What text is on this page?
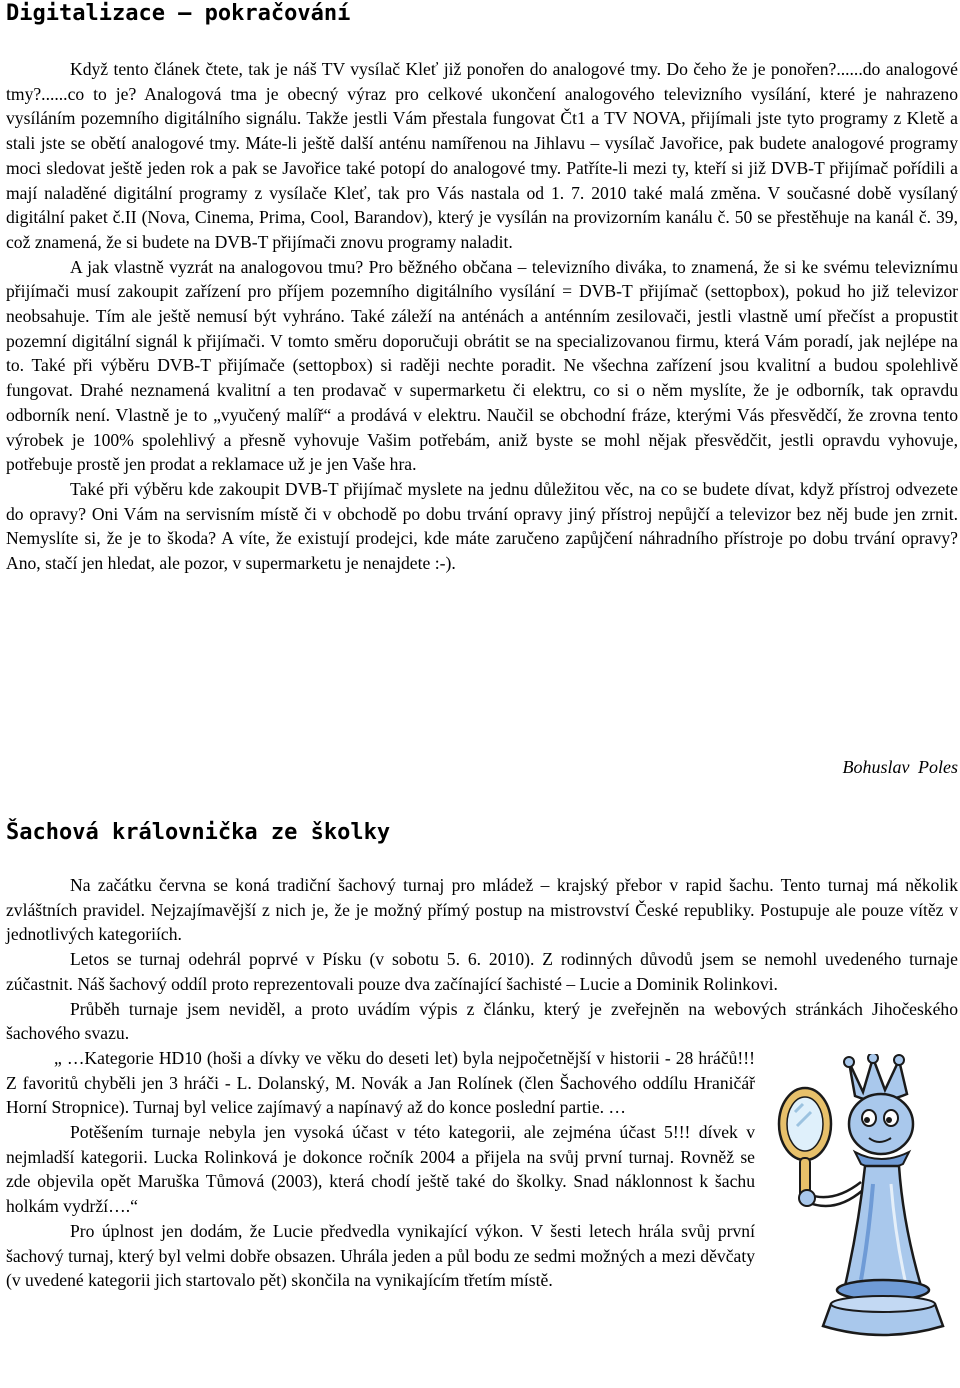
Digitalizace – pokračování

Když tento článek čtete, tak je náš TV vysílač Kleť již ponořen do analogové tmy. Do čeho že je ponořen?......do analogové tmy?......co to je? Analogová tma je obecný výraz pro celkové ukončení analogového televizního vysílání, které je nahrazeno vysíláním pozemního digitálního signálu. Takže jestli Vám přestala fungovat Čt1 a TV NOVA, přijímali jste tyto programy z Kletě a stali jste se obětí analogové tmy. Máte-li ještě další anténu namířenou na Jihlavu – vysílač Javořice, pak budete analogové programy moci sledovat ještě jeden rok a pak se Javořice také potopí do analogové tmy. Patříte-li mezi ty, kteří si již DVB-T přijímač pořídili a mají naladěné digitální programy z vysílače Kleť, tak pro Vás nastala od 1. 7. 2010 také malá změna. V současné době vysílaný digitální paket č.II (Nova, Cinema, Prima, Cool, Barandov), který je vysílán na provizorním kanálu č. 50 se přestěhuje na kanál č. 39, což znamená, že si budete na DVB-T přijímači znovu programy naladit.

A jak vlastně vyzrát na analogovou tmu? Pro běžného občana – televizního diváka, to znamená, že si ke svému televiznímu přijímači musí zakoupit zařízení pro příjem pozemního digitálního vysílání = DVB-T přijímač (settopbox), pokud ho již televizor neobsahuje. Tím ale ještě nemusí být vyhráno. Také záleží na anténách a anténním zesilovači, jestli vlastně umí přečíst a propustit pozemní digitální signál k přijímači. V tomto směru doporučuji obrátit se na specializovanou firmu, která Vám poradí, jak nejlépe na to. Také při výběru DVB-T přijímače (settopbox) si raději nechte poradit. Ne všechna zařízení jsou kvalitní a budou spolehlivě fungovat. Drahé neznamená kvalitní a ten prodavač v supermarketu či elektru, co si o něm myslíte, že je odborník, tak opravdu odborník není. Vlastně je to „vyučený malíř“ a prodává v elektru. Naučil se obchodní fráze, kterými Vás přesvědčí, že zrovna tento výrobek je 100% spolehlivý a přesně vyhovuje Vašim potřebám, aniž byste se mohl nějak přesvědčit, jestli opravdu vyhovuje, potřebuje prostě jen prodat a reklamace už je jen Vaše hra.

Také při výběru kde zakoupit DVB-T přijímač myslete na jednu důležitou věc, na co se budete dívat, když přístroj odvezete do opravy? Oni Vám na servisním místě či v obchodě po dobu trvání opravy jiný přístroj nepůjčí a televizor bez něj bude jen zrnit. Nemyslíte si, že je to škoda? A víte, že existují prodejci, kde máte zaručeno zapůjčení náhradního přístroje po dobu trvání opravy? Ano, stačí jen hledat, ale pozor, v supermarketu je nenajdete :-).

Bohuslav Poles
Šachová královnička ze školky

Na začátku června se koná tradiční šachový turnaj pro mládež – krajský přebor v rapid šachu. Tento turnaj má několik zvláštních pravidel. Nejzajímavější z nich je, že je možný přímý postup na mistrovství České republiky. Postupuje ale pouze vítěz v jednotlivých kategoriích.

Letos se turnaj odehrál poprvé v Písku (v sobotu 5. 6. 2010). Z rodinných důvodů jsem se nemohl uvedeného turnaje zúčastnit. Náš šachový oddíl proto reprezentovali pouze dva začínající šachisté – Lucie a Dominik Rolinkovi.

Průběh turnaje jsem neviděl, a proto uvádím výpis z článku, který je zveřejněn na webových stránkách Jihočeského šachového svazu.

„ …Kategorie HD10 (hoši a dívky ve věku do deseti let) byla nejpočetnější v historii - 28 hráčů!!! Z favoritů chyběli jen 3 hráči - L. Dolanský, M. Novák a Jan Rolínek (člen Šachového oddílu Hraničář Horní Stropnice). Turnaj byl velice zajímavý a napínavý až do konce poslední partie. …

Potěšením turnaje nebyla jen vysoká účast v této kategorii, ale zejména účast 5!!! dívek v nejmladší kategorii. Lucka Rolinková je dokonce ročník 2004 a přijela na svůj první turnaj. Rovněž se zde objevila opět Maruška Tůmová (2003), která chodí ještě také do školky. Snad náklonnost k šachu holkám vydrží….“

Pro úplnost jen dodám, že Lucie předvedla vynikající výkon. V šesti letech hrála svůj první šachový turnaj, který byl velmi dobře obsazen. Uhrála jeden a půl bodu ze sedmi možných a mezi děvčaty (v uvedené kategorii jich startovalo pět) skončila na vynikajícím třetím místě.
